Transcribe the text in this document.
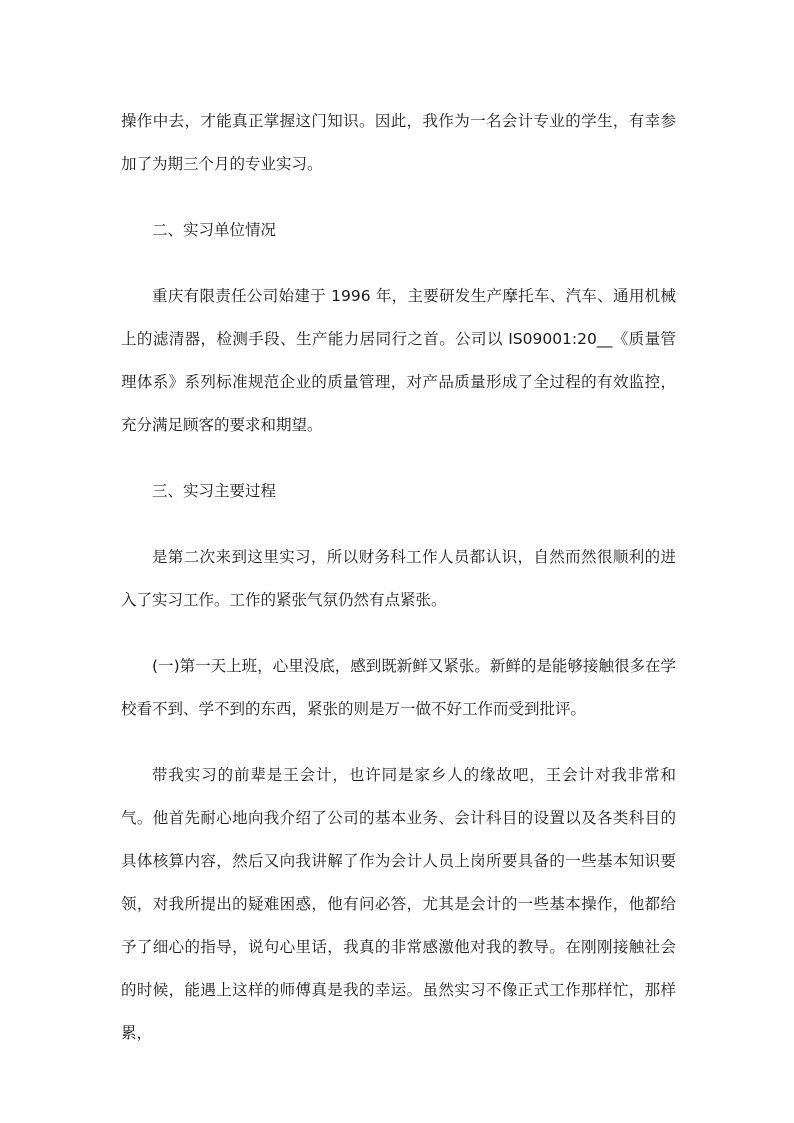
操作中去，才能真正掌握这门知识。因此，我作为一名会计专业的学生，有幸参加了为期三个月的专业实习。

二、实习单位情况

重庆有限责任公司始建于 1996 年，主要研发生产摩托车、汽车、通用机械上的滤清器，检测手段、生产能力居同行之首。公司以 IS09001:20__《质量管理体系》系列标准规范企业的质量管理，对产品质量形成了全过程的有效监控，充分满足顾客的要求和期望。

三、实习主要过程

是第二次来到这里实习，所以财务科工作人员都认识，自然而然很顺利的进入了实习工作。工作的紧张气氛仍然有点紧张。

(一)第一天上班，心里没底，感到既新鲜又紧张。新鲜的是能够接触很多在学校看不到、学不到的东西，紧张的则是万一做不好工作而受到批评。

带我实习的前辈是王会计，也许同是家乡人的缘故吧，王会计对我非常和气。他首先耐心地向我介绍了公司的基本业务、会计科目的设置以及各类科目的具体核算内容，然后又向我讲解了作为会计人员上岗所要具备的一些基本知识要领，对我所提出的疑难困惑，他有问必答，尤其是会计的一些基本操作，他都给予了细心的指导，说句心里话，我真的非常感激他对我的教导。在刚刚接触社会的时候，能遇上这样的师傅真是我的幸运。虽然实习不像正式工作那样忙，那样累，
